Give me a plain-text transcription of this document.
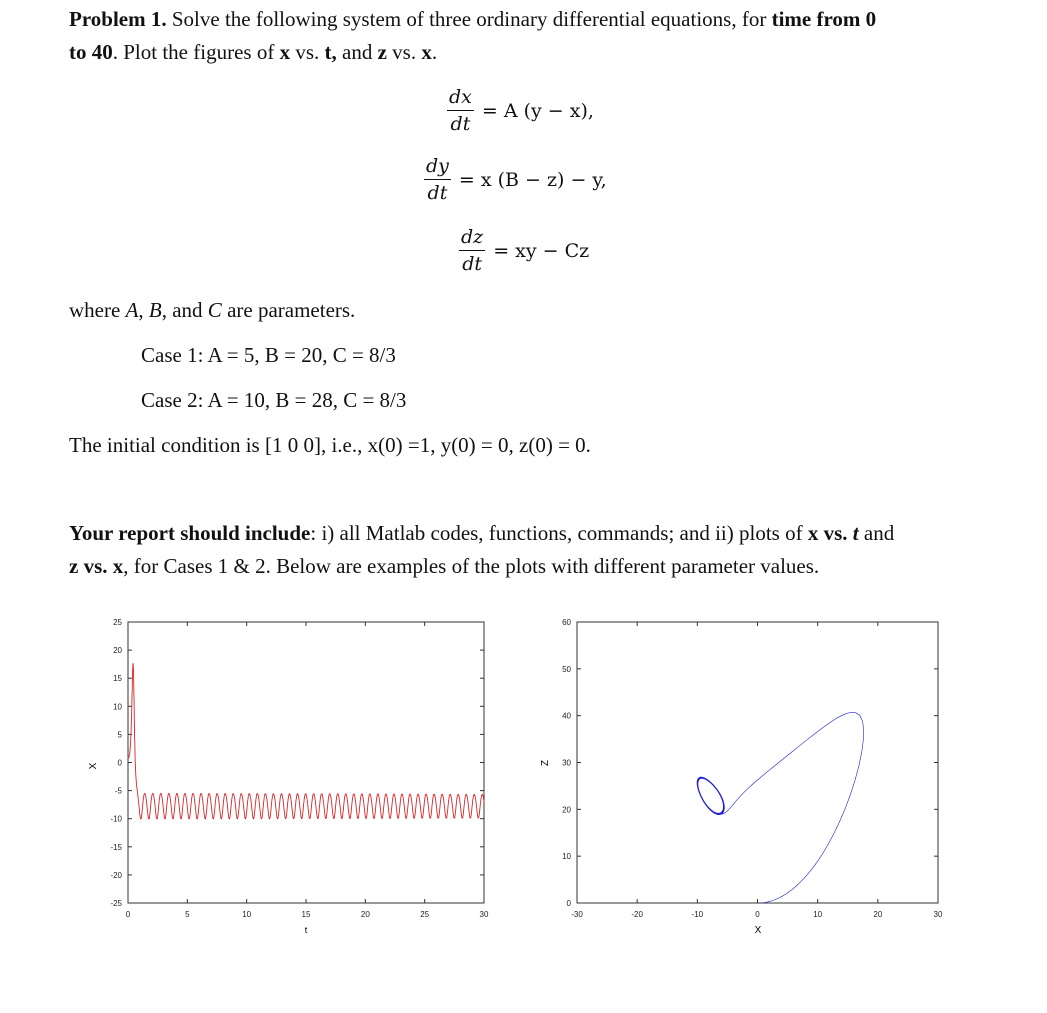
Problem 1. Solve the following system of three ordinary differential equations, for time from 0
to 40. Plot the figures of x vs. t, and z vs. x.
$\frac{dx}{dt} = A$ (y − x),
$\frac{dy}{dt} = x$ (B − z) − y,
$\frac{dz}{dt}$ = xy − Cz
where A, B, and C are parameters.
Case 1: A = 5, B = 20, C = 8/3
Case 2: A = 10, B = 28, C = 8/3
The initial condition is [1 0 0], i.e., x(0) =1, y(0) = 0, z(0) = 0.
Your report should include: i) all Matlab codes, functions, commands; and ii) plots of x vs. t and
z vs. x, for Cases 1 & 2. Below are examples of the plots with different parameter values.
25
20
15
10
5
0
-5
-10
-15
-20
-25
0	5	10	15	20	25	30
t
X
60
50
40
30
20
10
0
-30	-20	-10	0	10	20	30
X
Z
